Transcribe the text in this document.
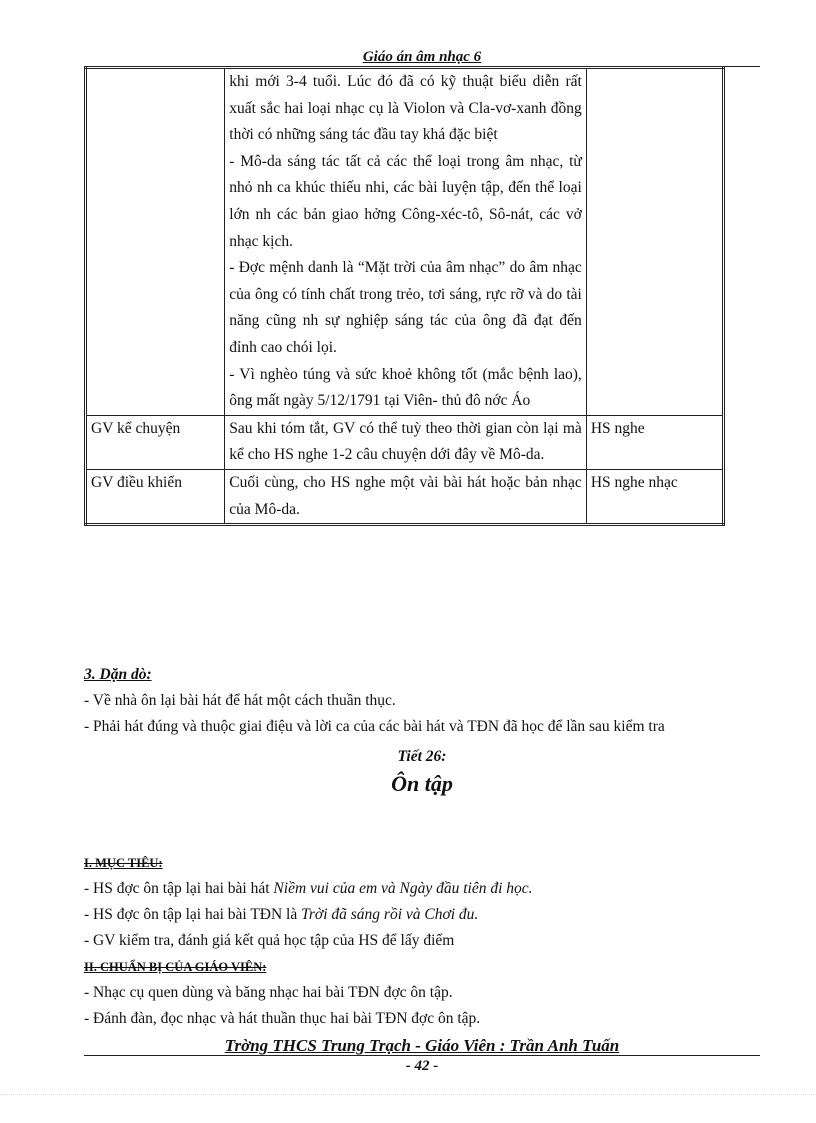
Giáo án âm nhạc 6

	khi mới 3-4 tuổi. Lúc đó đã có kỹ thuật biểu diễn rất xuất sắc hai loại nhạc cụ là Violon và Cla-vơ-xanh đồng thời có những sáng tác đầu tay khá đặc biệt
- Mô-da sáng tác tất cả các thể loại trong âm nhạc, từ nhỏ nh ca khúc thiếu nhi, các bài luyện tập, đến thể loại lớn nh các bản giao hởng Công-xéc-tô, Sô-nát, các vở nhạc kịch.
- Đợc mệnh danh là “Mặt trời của âm nhạc” do âm nhạc của ông có tính chất trong trẻo, tơi sáng, rực rỡ và do tài năng cũng nh sự nghiệp sáng tác của ông đã đạt đến đỉnh cao chói lọi.
- Vì nghèo túng và sức khoẻ không tốt (mắc bệnh lao), ông mất ngày 5/12/1791 tại Viên- thủ đô nớc Áo	

GV kể chuyện	Sau khi tóm tắt, GV có thể tuỳ theo thời gian còn lại mà kể cho HS nghe 1-2 câu chuyện dới đây về Mô-da.	HS nghe
GV điều khiển	Cuối cùng, cho HS nghe một vài bài hát hoặc bản nhạc của Mô-da.	HS nghe nhạc
3. Dặn dò:
- Về nhà ôn lại bài hát để hát một cách thuần thục.
- Phải hát đúng và thuộc giai điệu và lời ca của các bài hát và TĐN đã học để lần sau kiểm tra
Tiết 26:
Ôn tập
I. MỤC TIÊU:
- HS đợc ôn tập lại hai bài hát Niềm vui của em và Ngày đầu tiên đi học.
- HS đợc ôn tập lại hai bài TĐN là Trời đã sáng rồi và Chơi đu.
- GV kiểm tra, đánh giá kết quả học tập của HS để lấy điểm
II. CHUẨN BỊ CỦA GIÁO VIÊN:
- Nhạc cụ quen dùng và băng nhạc hai bài TĐN đợc ôn tập.
- Đánh đàn, đọc nhạc và hát thuần thục hai bài TĐN đợc ôn tập.
Trờng THCS Trung Trạch - Giáo Viên : Trần Anh Tuấn
- 42 -
